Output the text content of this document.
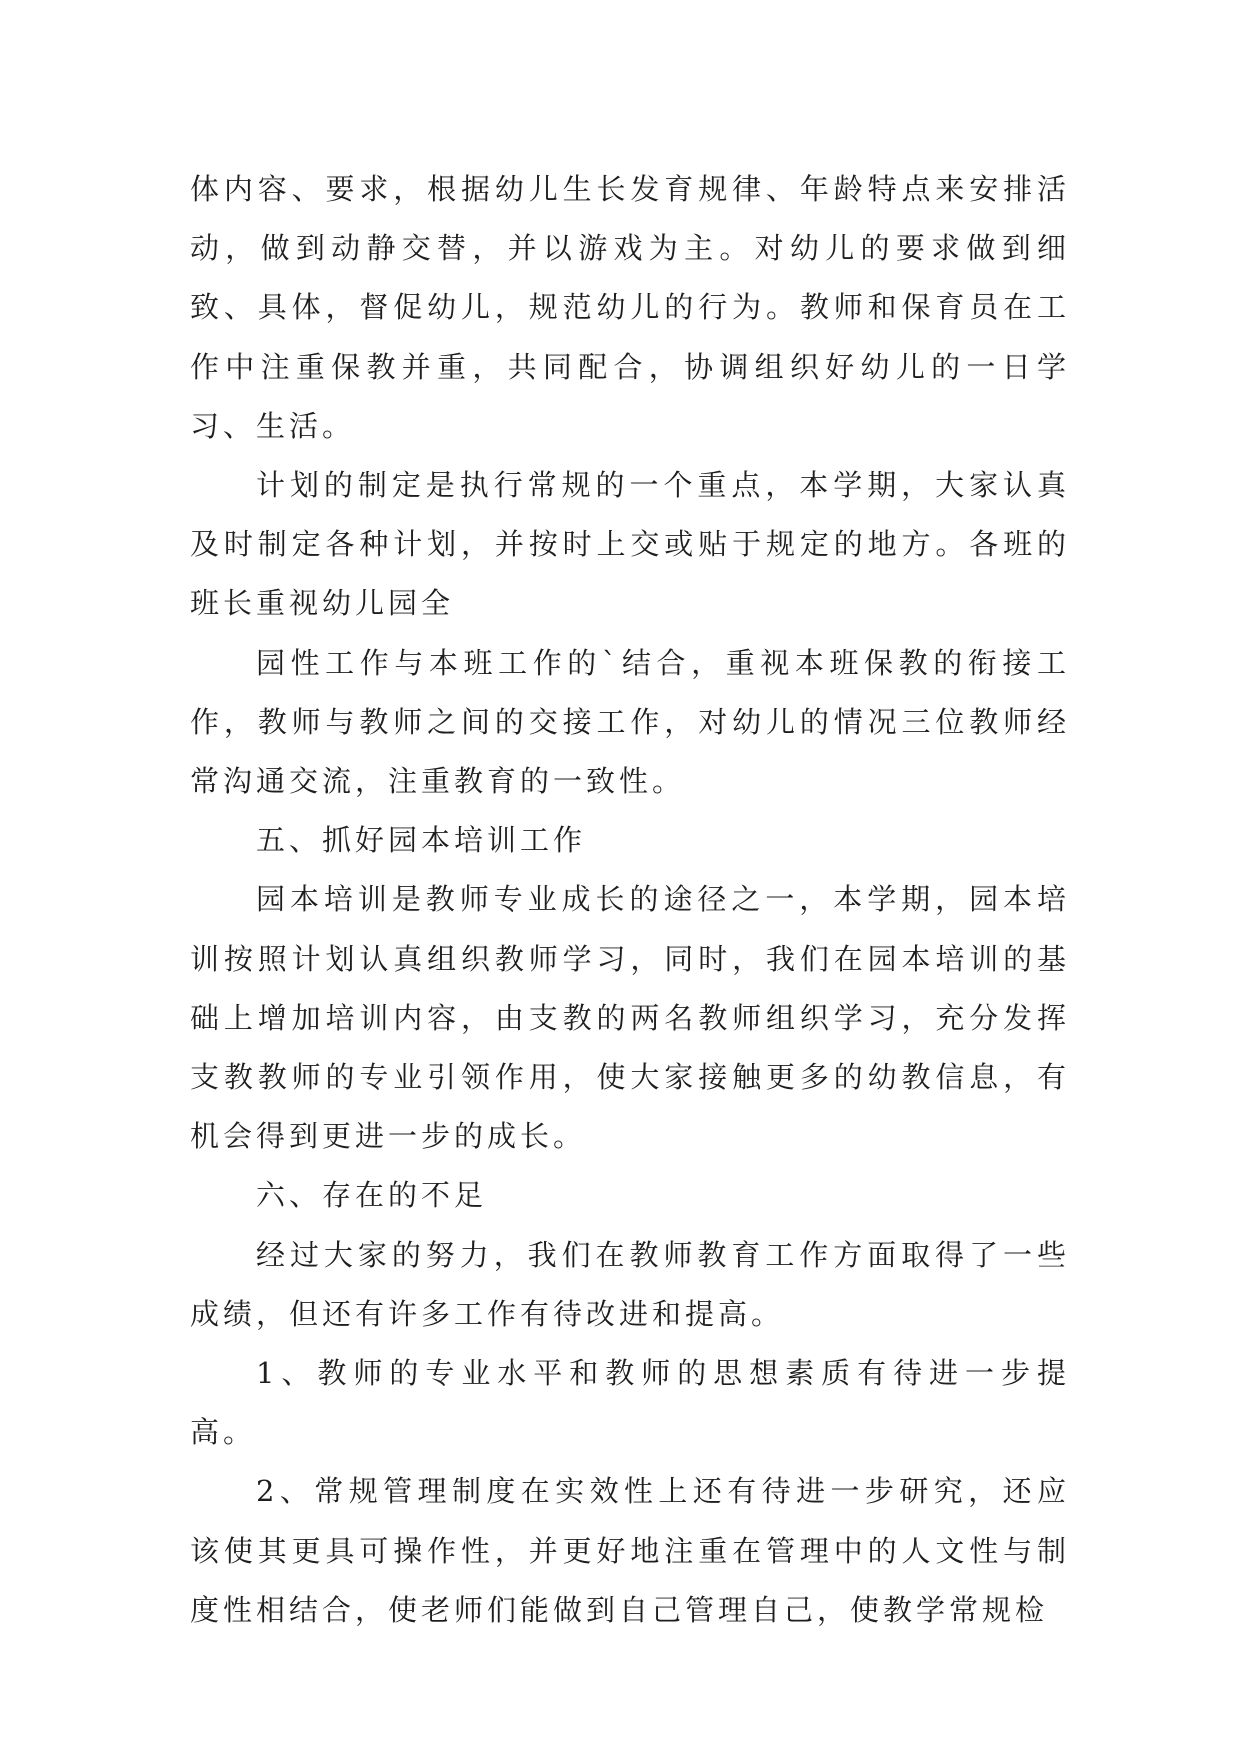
体内容、要求，根据幼儿生长发育规律、年龄特点来安排活动，做到动静交替，并以游戏为主。对幼儿的要求做到细致、具体，督促幼儿，规范幼儿的行为。教师和保育员在工作中注重保教并重，共同配合，协调组织好幼儿的一日学习、生活。

计划的制定是执行常规的一个重点，本学期，大家认真及时制定各种计划，并按时上交或贴于规定的地方。各班的班长重视幼儿园全

园性工作与本班工作的`结合，重视本班保教的衔接工作，教师与教师之间的交接工作，对幼儿的情况三位教师经常沟通交流，注重教育的一致性。

五、抓好园本培训工作

园本培训是教师专业成长的途径之一，本学期，园本培训按照计划认真组织教师学习，同时，我们在园本培训的基础上增加培训内容，由支教的两名教师组织学习，充分发挥支教教师的专业引领作用，使大家接触更多的幼教信息，有机会得到更进一步的成长。

六、存在的不足

经过大家的努力，我们在教师教育工作方面取得了一些成绩，但还有许多工作有待改进和提高。

1、教师的专业水平和教师的思想素质有待进一步提高。

2、常规管理制度在实效性上还有待进一步研究，还应该使其更具可操作性，并更好地注重在管理中的人文性与制度性相结合，使老师们能做到自己管理自己，使教学常规检
